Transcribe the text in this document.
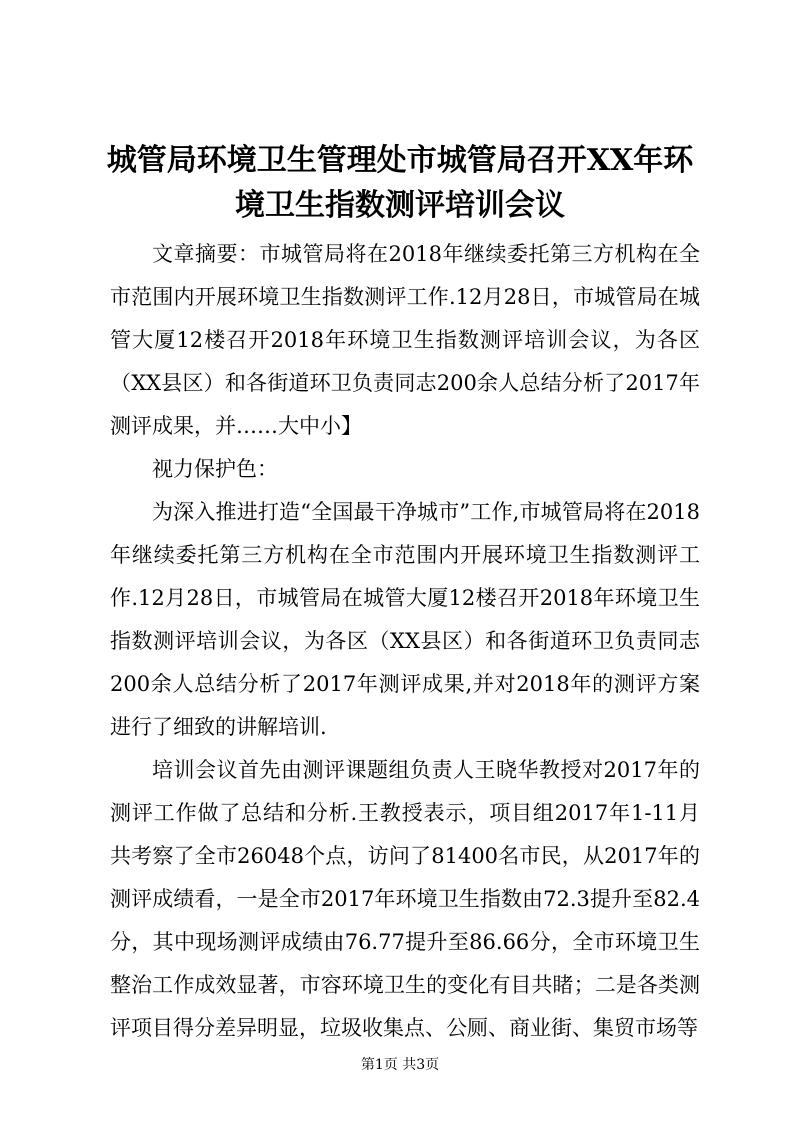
城管局环境卫生管理处市城管局召开XX年环境卫生指数测评培训会议

文章摘要：市城管局将在2018年继续委托第三方机构在全市范围内开展环境卫生指数测评工作.12月28日，市城管局在城管大厦12楼召开2018年环境卫生指数测评培训会议，为各区（XX县区）和各街道环卫负责同志200余人总结分析了2017年测评成果，并……大中小】

视力保护色：

为深入推进打造“全国最干净城市”工作,市城管局将在2018年继续委托第三方机构在全市范围内开展环境卫生指数测评工作.12月28日，市城管局在城管大厦12楼召开2018年环境卫生指数测评培训会议，为各区（XX县区）和各街道环卫负责同志200余人总结分析了2017年测评成果,并对2018年的测评方案进行了细致的讲解培训.

培训会议首先由测评课题组负责人王晓华教授对2017年的测评工作做了总结和分析.王教授表示，项目组2017年1-11月共考察了全市26048个点，访问了81400名市民，从2017年的测评成绩看，一是全市2017年环境卫生指数由72.3提升至82.4分，其中现场测评成绩由76.77提升至86.66分，全市环境卫生整治工作成效显著，市容环境卫生的变化有目共睹；二是各类测评项目得分差异明显，垃圾收集点、公厕、商业街、集贸市场等

第1页 共3页
